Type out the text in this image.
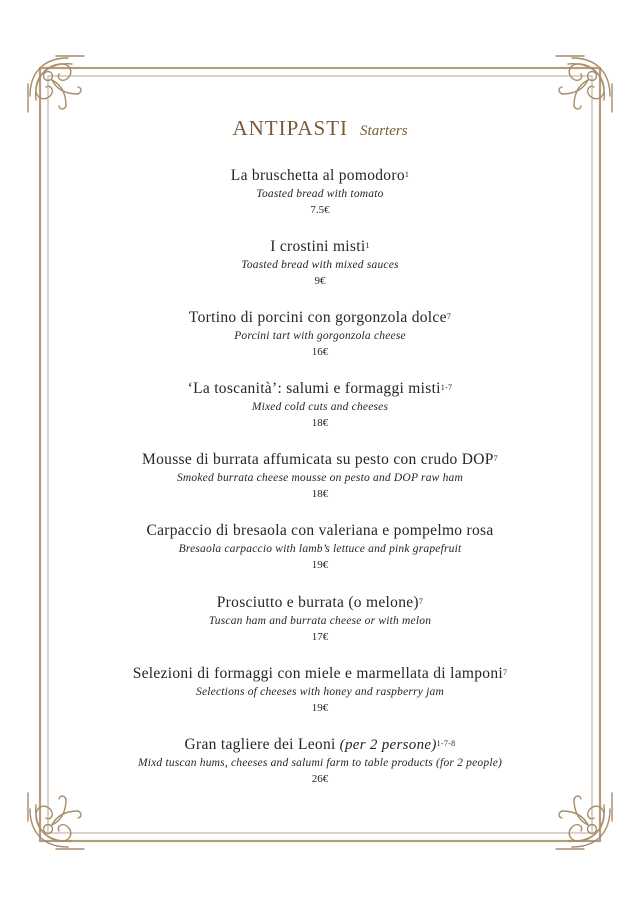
ANTIPASTI Starters
La bruschetta al pomodoro$^1$
Toasted bread with tomato
7.5€
I crostini misti$^1$
Toasted bread with mixed sauces
9€
Tortino di porcini con gorgonzola dolce$^7$
Porcini tart with gorgonzola cheese
16€
‘La toscanità’: salumi e formaggi misti$^{1-7}$
Mixed cold cuts and cheeses
18€
Mousse di burrata affumicata su pesto con crudo DOP$^7$
Smoked burrata cheese mousse on pesto and DOP raw ham
18€
Carpaccio di bresaola con valeriana e pompelmo rosa
Bresaola carpaccio with lamb’s lettuce and pink grapefruit
19€
Prosciutto e burrata (o melone)$^7$
Tuscan ham and burrata cheese or with melon
17€
Selezioni di formaggi con miele e marmellata di lamponi$^7$
Selections of cheeses with honey and raspberry jam
19€
Gran tagliere dei Leoni (per 2 persone)$^{1-7-8}$
Mixd tuscan hums, cheeses and salumi farm to table products (for 2 people)
26€
